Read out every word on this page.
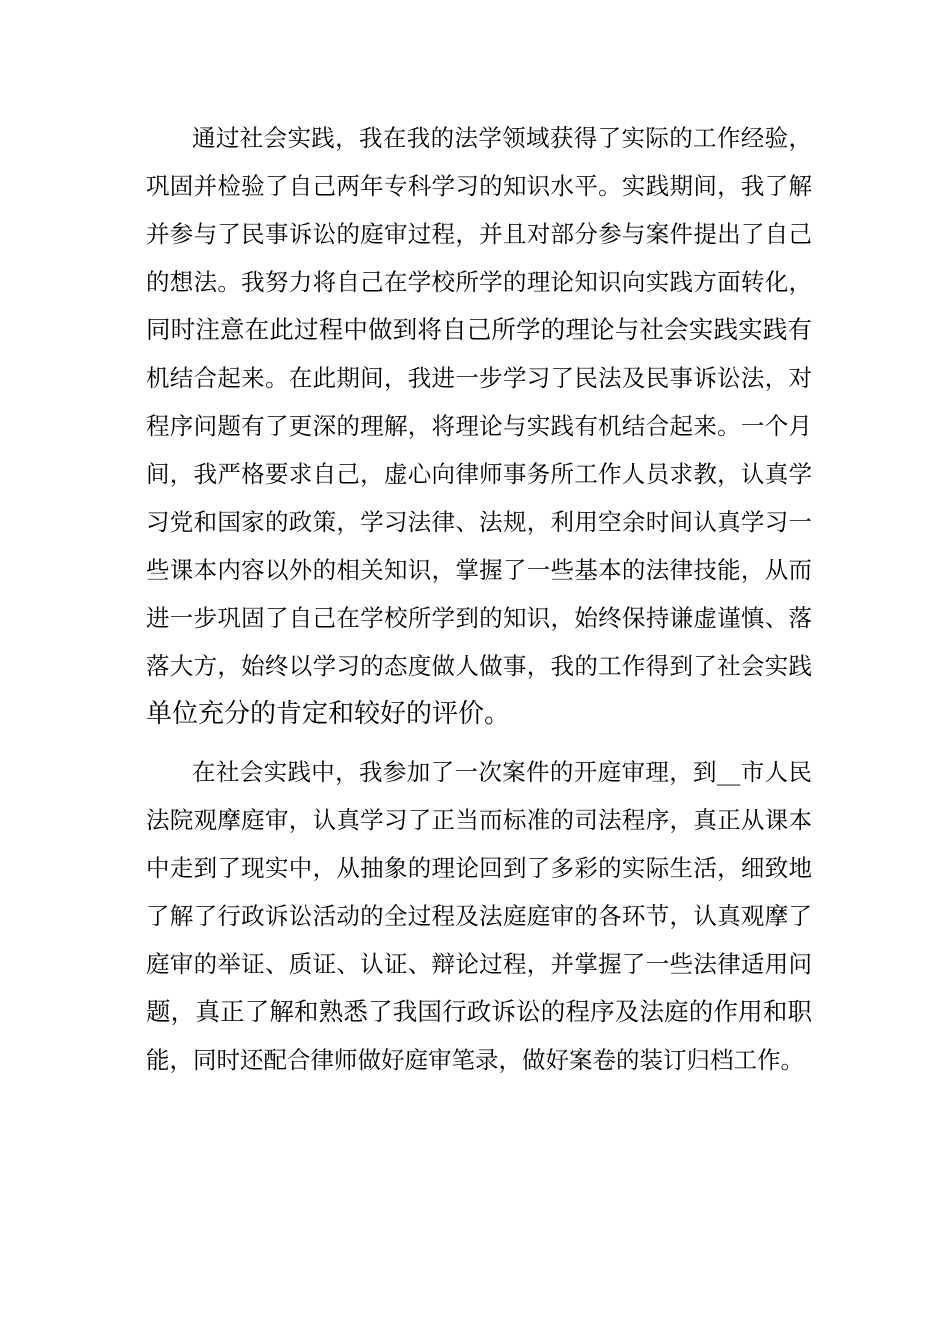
通过社会实践，我在我的法学领域获得了实际的工作经验，
巩固并检验了自己两年专科学习的知识水平。实践期间，我了解
并参与了民事诉讼的庭审过程，并且对部分参与案件提出了自己
的想法。我努力将自己在学校所学的理论知识向实践方面转化，
同时注意在此过程中做到将自己所学的理论与社会实践实践有
机结合起来。在此期间，我进一步学习了民法及民事诉讼法，对
程序问题有了更深的理解，将理论与实践有机结合起来。一个月
间，我严格要求自己，虚心向律师事务所工作人员求教，认真学
习党和国家的政策，学习法律、法规，利用空余时间认真学习一
些课本内容以外的相关知识，掌握了一些基本的法律技能，从而
进一步巩固了自己在学校所学到的知识，始终保持谦虚谨慎、落
落大方，始终以学习的态度做人做事，我的工作得到了社会实践
单位充分的肯定和较好的评价。
在社会实践中，我参加了一次案件的开庭审理，到__市人民
法院观摩庭审，认真学习了正当而标准的司法程序，真正从课本
中走到了现实中，从抽象的理论回到了多彩的实际生活，细致地
了解了行政诉讼活动的全过程及法庭庭审的各环节，认真观摩了
庭审的举证、质证、认证、辩论过程，并掌握了一些法律适用问
题，真正了解和熟悉了我国行政诉讼的程序及法庭的作用和职
能，同时还配合律师做好庭审笔录，做好案卷的装订归档工作。
